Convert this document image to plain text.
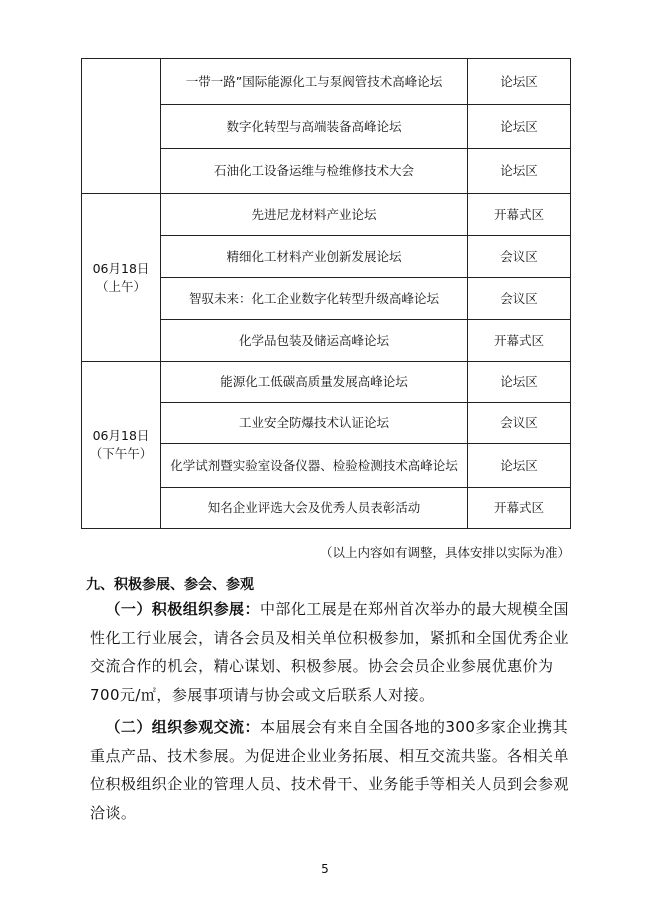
	一带一路”国际能源化工与泵阀管技术高峰论坛	论坛区
	数字化转型与高端装备高峰论坛	论坛区
	石油化工设备运维与检维修技术大会	论坛区
06月18日（上午）	先进尼龙材料产业论坛	开幕式区
	精细化工材料产业创新发展论坛	会议区
	智驭未来：化工企业数字化转型升级高峰论坛	会议区
	化学品包装及储运高峰论坛	开幕式区
06月18日（下午午）	能源化工低碳高质量发展高峰论坛	论坛区
	工业安全防爆技术认证论坛	会议区
	化学试剂暨实验室设备仪器、检验检测技术高峰论坛	论坛区
	知名企业评选大会及优秀人员表彰活动	开幕式区
（以上内容如有调整，具体安排以实际为准）
九、积极参展、参会、参观
 （一）积极组织参展：中部化工展是在郑州首次举办的最大规模全国性化工行业展会，请各会员及相关单位积极参加，紧抓和全国优秀企业交流合作的机会，精心谋划、积极参展。协会会员企业参展优惠价为700元/㎡，参展事项请与协会或文后联系人对接。
 （二）组织参观交流：本届展会有来自全国各地的300多家企业携其重点产品、技术参展。为促进企业业务拓展、相互交流共鉴。各相关单位积极组织企业的管理人员、技术骨干、业务能手等相关人员到会参观洽谈。
5
